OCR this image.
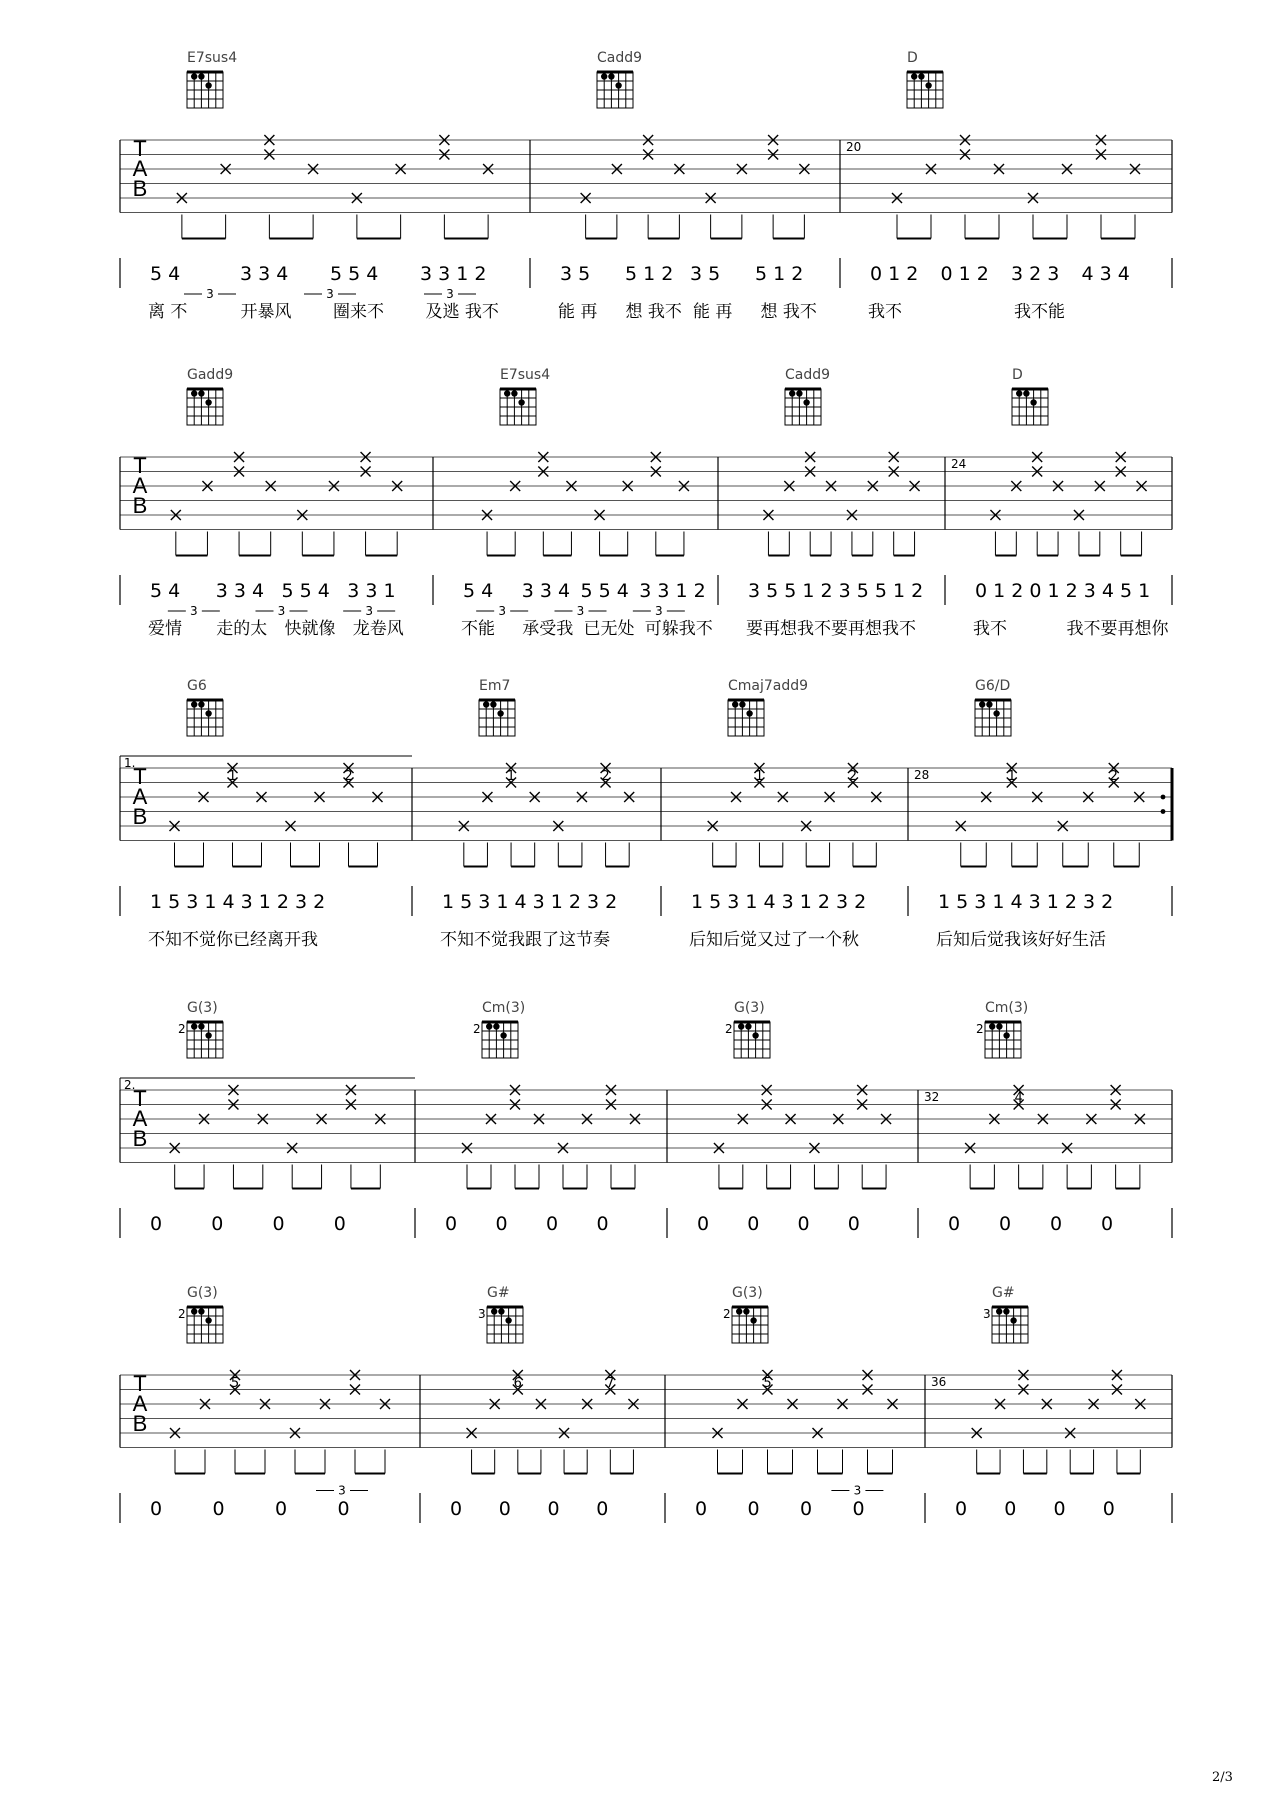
T
A
B
E7sus4
5 4	3 3 4 5 5 4 3 3 1 2
3	3	3
离 不	开暴风 圈来不 及逃 我不
Cadd9
3 5 5 1 2 3 5 5 1 2
能 再 想 我不 能 再 想 我不
D
20
0 1 2 0 1 2 3 2 3 4 3 4
我不	我不能
T
A
B
Gadd9
5 4 3 3 4 5 5 4 3 3 1
3	3	3
爱情 走的太 快就像 龙卷风
E7sus4
5 4 3 3 4 5 5 4 3 3 1 2
3	3	3
不能 承受我 已无处 可躲我不
Cadd9
3 5 5 1 2 3 5 5 1 2
要再想我不要再想我不
D
24
0 1 2 0 1 2 3 4 5 1
我不	我不要再想你
T
A
B
1.
G6
1	2
1 5 3 1 4 3 1 2 3 2
不知不觉你已经离开我
Em7
1	2
1 5 3 1 4 3 1 2 3 2
不知不觉我跟了这节奏
Cmaj7add9
1	2
1 5 3 1 4 3 1 2 3 2
后知后觉又过了一个秋
G6/D
28	1	2
1 5 3 1 4 3 1 2 3 2
后知后觉我该好好生活
T
A
B
2.
G(3)
2
0	0	0	0
Cm(3)
2
0 0 0 0
G(3)
2
0 0 0 0
Cm(3)
2
32	4
0 0 0 0
T
A
B
G(3)
2
5
0	0	0	0
3
G#
3
6	7
0 0 0 0
G(3)
2
5
0 0 0 0
3
G#
3
36
0 0 0 0
2/3
